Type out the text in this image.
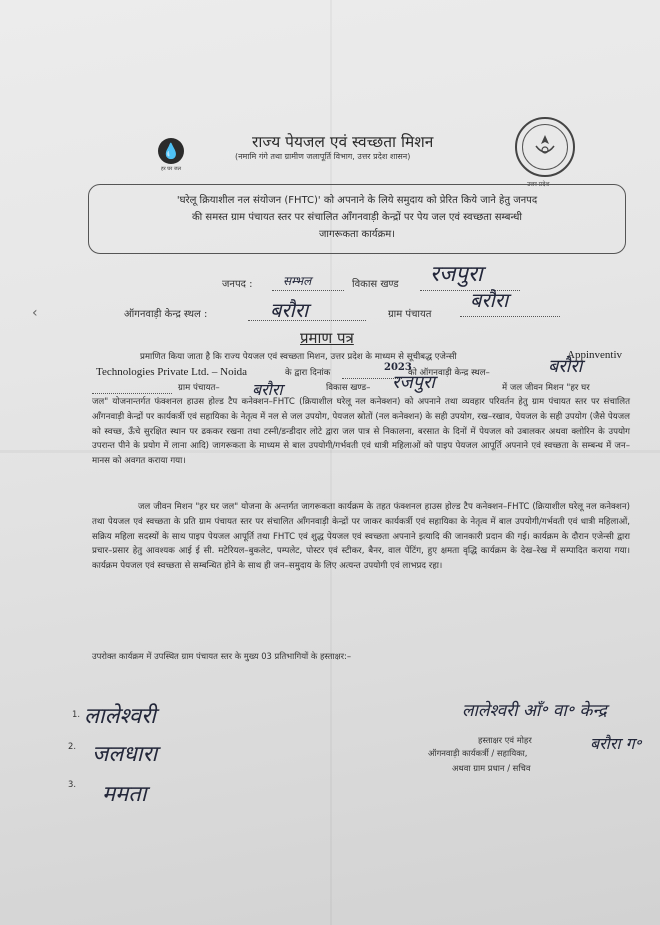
‹
💧
हर घर जल
राज्य पेयजल एवं स्वच्छता मिशन
(नमामि गंगे तथा ग्रामीण जलापूर्ति विभाग, उत्तर प्रदेश शासन)
उत्तर प्रदेश
'घरेलू क्रियाशील नल संयोजन (FHTC)' को अपनाने के लिये समुदाय को प्रेरित किये जाने हेतु जनपद
की समस्त ग्राम पंचायत स्तर पर संचालित आँगनवाड़ी केन्द्रों पर पेय जल एवं स्वच्छता सम्बन्धी
जागरूकता कार्यक्रम।
जनपद :	सम्भल	विकास खण्ड रजपुरा
ऑगनवाड़ी केन्द्र स्थल :	बरौरा	ग्राम पंचायत
बरौरा
प्रमाण पत्र
प्रमाणित किया जाता है कि राज्य पेयजल एवं स्वच्छता मिशन, उत्तर प्रदेश के माध्यम से सूचीबद्ध एजेन्सी	Appinventiv
Technologies Private Ltd. – Noida	के द्वारा दिनांक	2023
को ऑगनवाड़ी केन्द्र स्थल–	बरौरा
ग्राम पंचायत– बरौरा	विकास खण्ड– रजपुरा	में जल जीवन मिशन "हर घर
जल" योजनान्तर्गत फंक्शनल हाउस होल्ड टैप कनेक्शन–FHTC (क्रियाशील घरेलू नल कनेक्शन) को अपनाने तथा व्यवहार परिवर्तन हेतु ग्राम पंचायत स्तर पर संचालित आँगनवाड़ी केन्द्रों पर कार्यकर्त्री एवं सहायिका के नेतृत्व में नल से जल उपयोग, पेयजल स्रोतों (नल कनेक्शन) के सही उपयोग, रख–रखाव, पेयजल के सही उपयोग (जैसे पेयजल को स्वच्छ, ऊँचे सुरक्षित स्थान पर ढककर रखना तथा टस्नी/डन्डीदार लोटे द्वारा जल पात्र से निकालना, बरसात के दिनों में पेयजल को उबालकर अथवा क्लोरिन के उपयोग उपरान्त पीने के प्रयोग में लाना आदि) जागरूकता के माध्यम से बाल उपयोगी/गर्भवती एवं धात्री महिलाओं को पाइप पेयजल आपूर्ति अपनाने एवं स्वच्छता के सम्बन्ध में जन–मानस को अवगत कराया गया।
जल जीवन मिशन "हर घर जल" योजना के अन्तर्गत जागरूकता कार्यक्रम के तहत फंक्शनल हाउस होल्ड टैप कनेक्शन–FHTC (क्रियाशील घरेलू नल कनेक्शन) तथा पेयजल एवं स्वच्छता के प्रति ग्राम पंचायत स्तर पर संचालित आँगनवाड़ी केन्द्रों पर जाकर कार्यकर्त्री एवं सहायिका के नेतृत्व में बाल उपयोगी/गर्भवती एवं धात्री महिलाओं, सक्रिय महिला सदस्यों के साथ पाइप पेयजल आपूर्ति तथा FHTC एवं शुद्ध पेयजल एवं स्वच्छता अपनाने इत्यादि की जानकारी प्रदान की गई। कार्यक्रम के दौरान एजेन्सी द्वारा प्रचार–प्रसार हेतु आवश्यक आई ई सी. मटेरियल–बुकलेट, पम्पलेट, पोस्टर एवं स्टीकर, बैनर, वाल पेंटिंग, हुए क्षमता वृद्धि कार्यक्रम के देख–रेख में सम्पादित कराया गया। कार्यक्रम पेयजल एवं स्वच्छता से सम्बन्धित होने के साथ ही जन–समुदाय के लिए अत्यन्त उपयोगी एवं लाभप्रद रहा।
उपरोक्त कार्यक्रम में उपस्थित ग्राम पंचायत स्तर के मुख्य 03 प्रतिभागियों के हस्ताक्षर:–
1. लालेश्वरी
2. जलधारा
3. ममता
लालेश्वरी आँ॰ वा॰ केन्द्र
बरौरा ग॰
हस्ताक्षर एवं मोहर
ऑगनवाड़ी कार्यकर्त्री / सहायिका,
अथवा ग्राम प्रधान / सचिव
